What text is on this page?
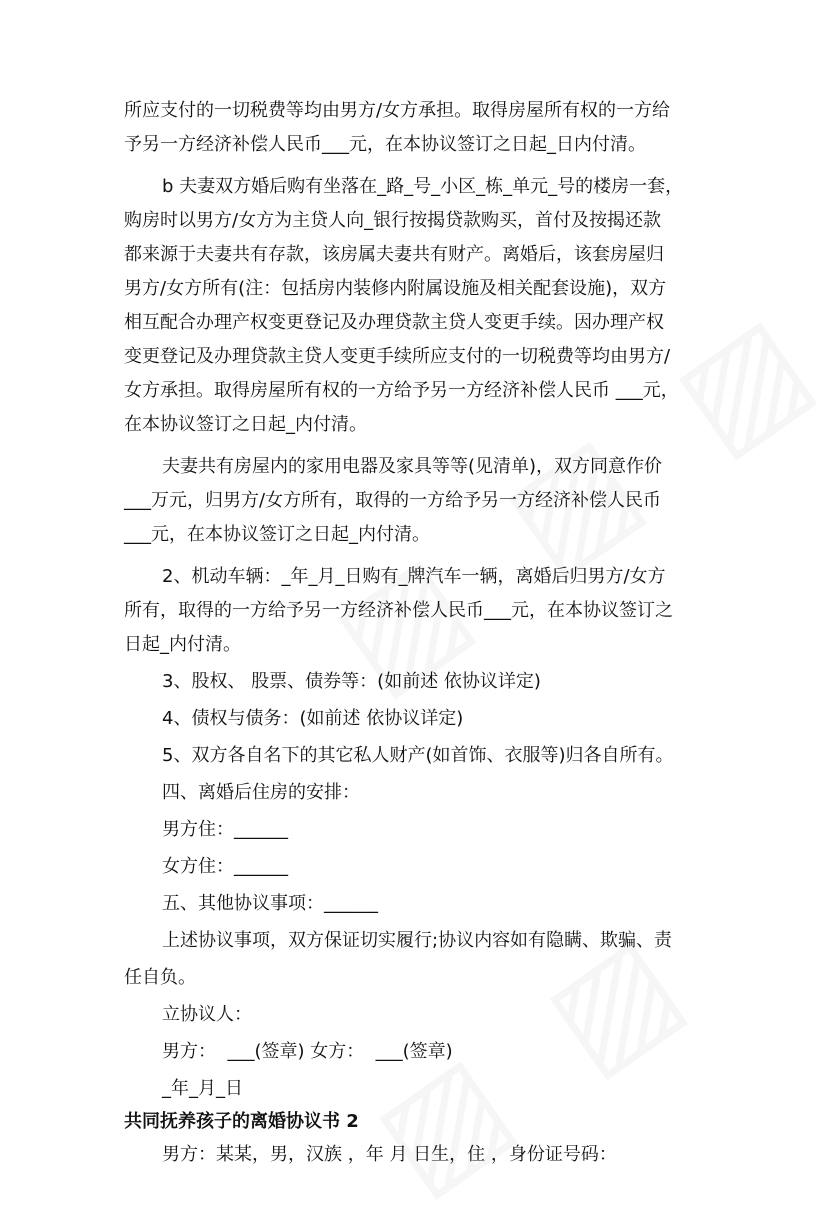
所应支付的一切税费等均由男方/女方承担。取得房屋所有权的一方给
予另一方经济补偿人民币___元，在本协议签订之日起_日内付清。
b 夫妻双方婚后购有坐落在_路_号_小区_栋_单元_号的楼房一套，
购房时以男方/女方为主贷人向_银行按揭贷款购买，首付及按揭还款
都来源于夫妻共有存款，该房属夫妻共有财产。离婚后，该套房屋归
男方/女方所有(注：包括房内装修内附属设施及相关配套设施)，双方
相互配合办理产权变更登记及办理贷款主贷人变更手续。因办理产权
变更登记及办理贷款主贷人变更手续所应支付的一切税费等均由男方/
女方承担。取得房屋所有权的一方给予另一方经济补偿人民币 ___元，
在本协议签订之日起_内付清。
夫妻共有房屋内的家用电器及家具等等(见清单)，双方同意作价
___万元，归男方/女方所有，取得的一方给予另一方经济补偿人民币
___元，在本协议签订之日起_内付清。
2、机动车辆：_年_月_日购有_牌汽车一辆，离婚后归男方/女方
所有，取得的一方给予另一方经济补偿人民币___元，在本协议签订之
日起_内付清。
3、股权、 股票、债券等：(如前述 依协议详定)
4、债权与债务：(如前述 依协议详定)
5、双方各自名下的其它私人财产(如首饰、衣服等)归各自所有。
四、离婚后住房的安排：
男方住：______
女方住：______
五、其他协议事项：______
上述协议事项，双方保证切实履行;协议内容如有隐瞒、欺骗、责
任自负。
立协议人：
男方：  ___(签章) 女方：  ___(签章)
_年_月_日
共同抚养孩子的离婚协议书 2
男方：某某，男，汉族 ，年 月 日生，住 ，身份证号码：
